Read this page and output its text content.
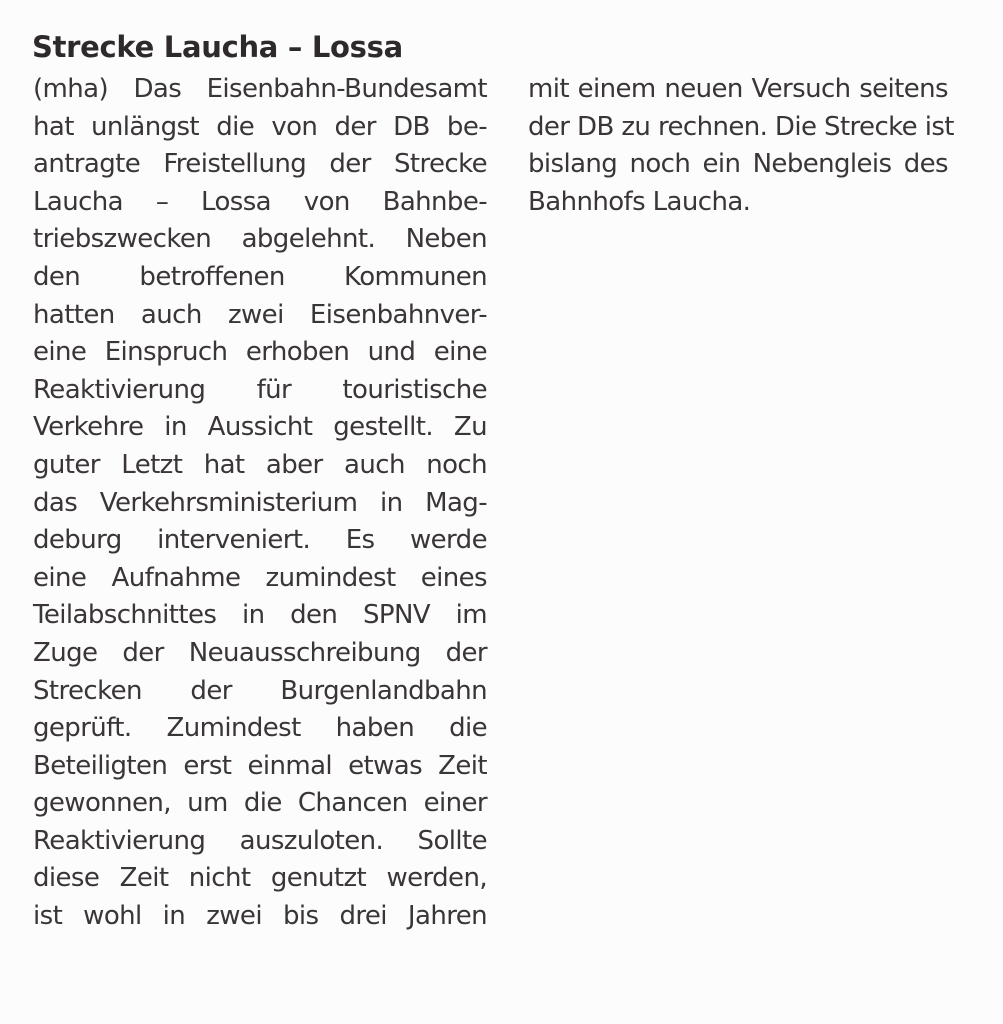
Strecke Laucha – Lossa
(mha) Das Eisenbahn-Bundesamt
hat unlängst die von der DB be-
antragte Freistellung der Strecke
Laucha – Lossa von Bahnbe-
triebszwecken abgelehnt. Neben
den betroffenen Kommunen
hatten auch zwei Eisenbahnver-
eine Einspruch erhoben und eine
Reaktivierung für touristische
Verkehre in Aussicht gestellt. Zu
guter Letzt hat aber auch noch
das Verkehrsministerium in Mag-
deburg interveniert. Es werde
eine Aufnahme zumindest eines
Teilabschnittes in den SPNV im
Zuge der Neuausschreibung der
Strecken der Burgenlandbahn
geprüft. Zumindest haben die
Beteiligten erst einmal etwas Zeit
gewonnen, um die Chancen einer
Reaktivierung auszuloten. Sollte
diese Zeit nicht genutzt werden,
ist wohl in zwei bis drei Jahren
mit einem neuen Versuch seitens
der DB zu rechnen. Die Strecke ist
bislang noch ein Nebengleis des
Bahnhofs Laucha.
